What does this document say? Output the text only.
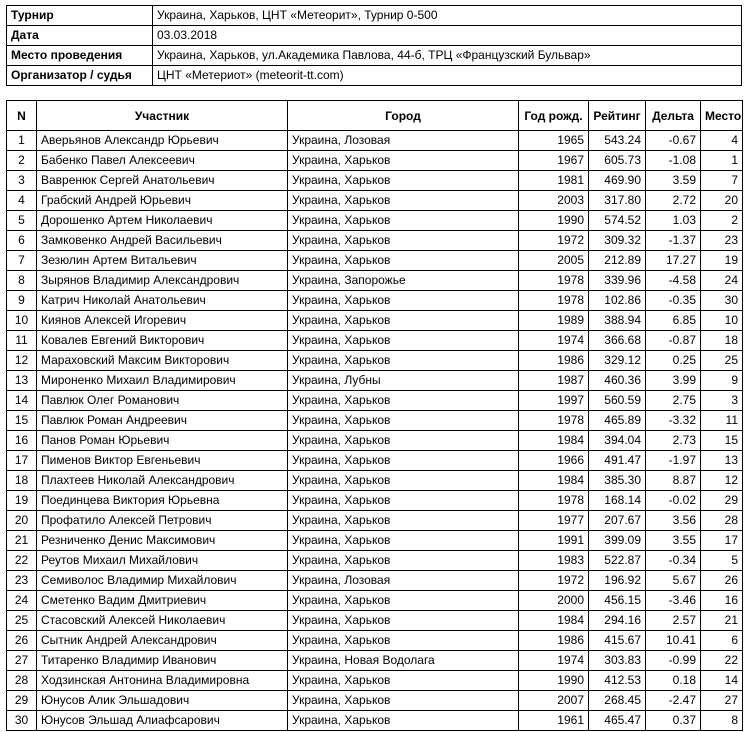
Турнир	Украина, Харьков, ЦНТ «Метеорит», Турнир 0-500
Дата	03.03.2018
Место проведения	Украина, Харьков, ул.Академика Павлова, 44-б, ТРЦ «Французский Бульвар»
Организатор / судья	ЦНТ «Метериот» (meteorit-tt.com)
N	Участник	Город	Год рожд.	Рейтинг	Дельта	Место
1	Аверьянов Александр Юрьевич	Украина, Лозовая	1965	543.24	-0.67	4
2	Бабенко Павел Алексеевич	Украина, Харьков	1967	605.73	-1.08	1
3	Вавренюк Сергей Анатольевич	Украина, Харьков	1981	469.90	3.59	7
4	Грабский Андрей Юрьевич	Украина, Харьков	2003	317.80	2.72	20
5	Дорошенко Артем Николаевич	Украина, Харьков	1990	574.52	1.03	2
6	Замковенко Андрей Васильевич	Украина, Харьков	1972	309.32	-1.37	23
7	Зезюлин Артем Витальевич	Украина, Харьков	2005	212.89	17.27	19
8	Зырянов Владимир Александрович	Украина, Запорожье	1978	339.96	-4.58	24
9	Катрич Николай Анатольевич	Украина, Харьков	1978	102.86	-0.35	30
10	Киянов Алексей Игоревич	Украина, Харьков	1989	388.94	6.85	10
11	Ковалев Евгений Викторович	Украина, Харьков	1974	366.68	-0.87	18
12	Мараховский Максим Викторович	Украина, Харьков	1986	329.12	0.25	25
13	Мироненко Михаил Владимирович	Украина, Лубны	1987	460.36	3.99	9
14	Павлюк Олег Романович	Украина, Харьков	1997	560.59	2.75	3
15	Павлюк Роман Андреевич	Украина, Харьков	1978	465.89	-3.32	11
16	Панов Роман Юрьевич	Украина, Харьков	1984	394.04	2.73	15
17	Пименов Виктор Евгеньевич	Украина, Харьков	1966	491.47	-1.97	13
18	Плахтеев Николай Александрович	Украина, Харьков	1984	385.30	8.87	12
19	Поединцева Виктория Юрьевна	Украина, Харьков	1978	168.14	-0.02	29
20	Профатило Алексей Петрович	Украина, Харьков	1977	207.67	3.56	28
21	Резниченко Денис Максимович	Украина, Харьков	1991	399.09	3.55	17
22	Реутов Михаил Михайлович	Украина, Харьков	1983	522.87	-0.34	5
23	Семиволос Владимир Михайлович	Украина, Лозовая	1972	196.92	5.67	26
24	Сметенко Вадим Дмитриевич	Украина, Харьков	2000	456.15	-3.46	16
25	Стасовский Алексей Николаевич	Украина, Харьков	1984	294.16	2.57	21
26	Сытник Андрей Александрович	Украина, Харьков	1986	415.67	10.41	6
27	Титаренко Владимир Иванович	Украина, Новая Водолага	1974	303.83	-0.99	22
28	Ходзинская Антонина Владимировна	Украина, Харьков	1990	412.53	0.18	14
29	Юнусов Алик Эльшадович	Украина, Харьков	2007	268.45	-2.47	27
30	Юнусов Эльшад Алиафсарович	Украина, Харьков	1961	465.47	0.37	8
